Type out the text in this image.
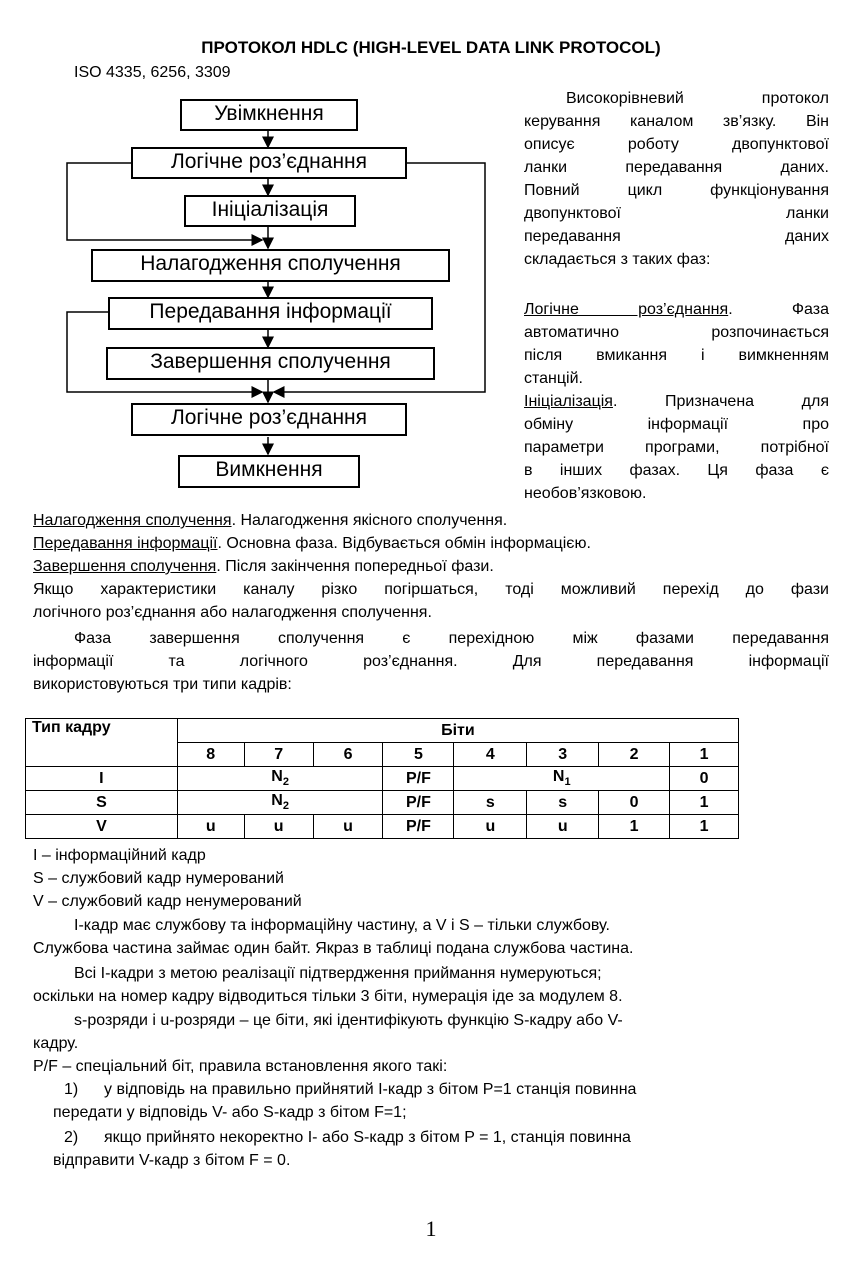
ПРОТОКОЛ HDLC (HIGH-LEVEL DATA LINK PROTOCOL)
ISO 4335, 6256, 3309
Увімкнення
Логічне роз’єднання
Ініціалізація
Налагодження сполучення
Передавання інформації
Завершення сполучення
Логічне роз’єднання
Вимкнення
Високорівневий протокол
керування каналом зв’язку. Він
описує роботу двопунктової
ланки передавання даних.
Повний цикл функціонування
двопунктової ланки
передавання даних
складається з таких фаз:
Логічне роз’єднання. Фаза
автоматично розпочинається
після вмикання і вимкненням
станцій.
Ініціалізація. Призначена для
обміну інформації про
параметри програми, потрібної
в інших фазах. Ця фаза є
необов’язковою.
Налагодження сполучення. Налагодження якісного сполучення.
Передавання інформації. Основна фаза. Відбувається обмін інформацією.
Завершення сполучення. Після закінчення попередньої фази.
Якщо характеристики каналу різко погіршаться, тоді можливий перехід до фази
логічного роз’єднання або налагодження сполучення.
Фаза завершення сполучення є перехідною між фазами передавання
інформації та логічного роз’єднання. Для передавання інформації
використовуються три типи кадрів:
Тип кадру	Біти							
	8	7	6	5	4	3	2	1
I	$N_2$			P/F	$N_1$			0
S	$N_2$			P/F	s	s	0	1
V	u	u	u	P/F	u	u	1	1
I – інформаційний кадр
S – службовий кадр нумерований
V – службовий кадр ненумерований
I-кадр має службову та інформаційну частину, а V і S – тільки службову.
Службова частина займає один байт. Якраз в таблиці подана службова частина.
Всі I-кадри з метою реалізації підтвердження приймання нумеруються;
оскільки на номер кадру відводиться тільки 3 біти, нумерація іде за модулем 8.
s-розряди і u-розряди – це біти, які ідентифікують функцію S-кадру або V-
кадру.
P/F – спеціальний біт, правила встановлення якого такі:
1)	у відповідь на правильно прийнятий I-кадр з бітом P=1 станція повинна
передати у відповідь V- або S-кадр з бітом F=1;
2)	якщо прийнято некоректно I- або S-кадр з бітом P = 1, станція повинна
відправити V-кадр з бітом F = 0.
1
